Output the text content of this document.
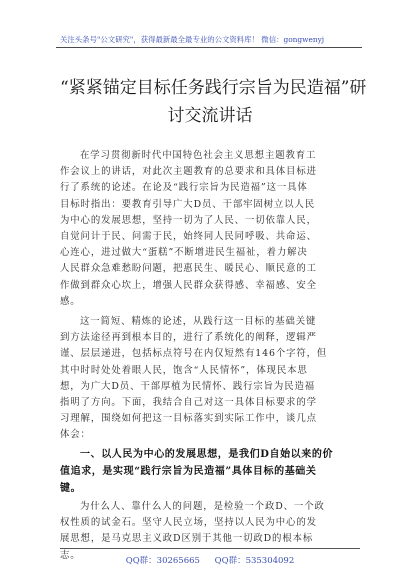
关注头条号"公文研究"，获得最新最全最专业的公文资料库！ 微信：gongwenyj
“紧紧锚定目标任务践行宗旨为民造福”研
讨交流讲话
在学习贯彻新时代中国特色社会主义思想主题教育工
作会议上的讲话，对此次主题教育的总要求和具体目标进
行了系统的论述。在论及“践行宗旨为民造福”这一具体
目标时指出：要教育引导广大D员、干部牢固树立以人民
为中心的发展思想，坚持一切为了人民、一切依靠人民，
自觉问计于民、问需于民，始终同人民同呼吸、共命运、
心连心，进过做大“蛋糕”不断增进民生福祉，着力解决
人民群众急难愁盼问题，把惠民生、暖民心、顺民意的工
作做到群众心坎上，增强人民群众获得感、幸福感、安全
感。
这一简短、精炼的论述，从践行这一目标的基础关键
到方法途径再到根本目的，进行了系统化的阐释，逻辑严
谨、层层递进，包括标点符号在内仅短然有146个字符，但
其中时时处处着眼人民，饱含“人民情怀”，体现民本思
想，为广大D员、干部厚植为民情怀、践行宗旨为民造福
指明了方向。下面，我结合自己对这一具体目标要求的学
习理解，围绕如何把这一目标落实到实际工作中，谈几点
体会：
一、以人民为中心的发展思想，是我们D自始以来的价
值追求，是实现“践行宗旨为民造福”具体目标的基础关
键。
为什么人、靠什么人的问题，是检验一个政D、一个政
权性质的试金石。坚守人民立场，坚持以人民为中心的发
展思想，是马克思主义政D区别于其他一切政D的根本标
志。
QQ群：30265665 QQ群：535304092
